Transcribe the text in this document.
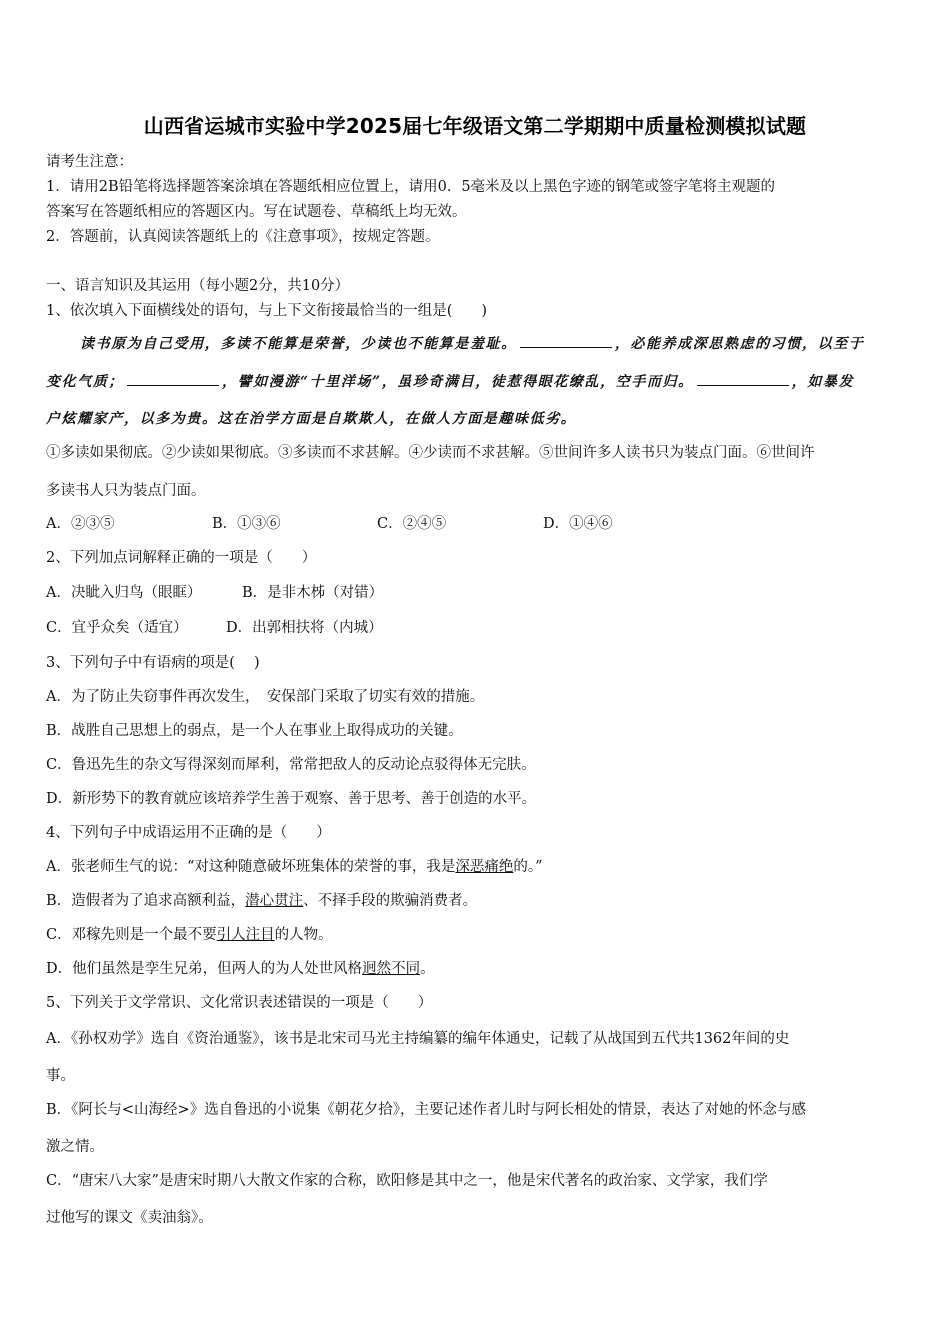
山西省运城市实验中学2025届七年级语文第二学期期中质量检测模拟试题
请考生注意：
1．请用2B铅笔将选择题答案涂填在答题纸相应位置上，请用0．5毫米及以上黑色字迹的钢笔或签字笔将主观题的
答案写在答题纸相应的答题区内。写在试题卷、草稿纸上均无效。
2．答题前，认真阅读答题纸上的《注意事项》，按规定答题。
一、语言知识及其运用（每小题2分，共10分）
1、依次填入下面横线处的语句，与上下文衔接最恰当的一组是(　　)
读书原为自己受用，多读不能算是荣誉，少读也不能算是羞耻。	，必能养成深思熟虑的习惯，以至于
变化气质；	，譬如漫游“十里洋场”，虽珍奇满目，徒惹得眼花缭乱，空手而归。	，如暴发
户炫耀家产，以多为贵。这在治学方面是自欺欺人，在做人方面是趣味低劣。
①多读如果彻底。②少读如果彻底。③多读而不求甚解。④少读而不求甚解。⑤世间许多人读书只为装点门面。⑥世间许
多读书人只为装点门面。
A．②③⑤	B．①③⑥	C．②④⑤	D．①④⑥
2、下列加点词解释正确的一项是（　　）
A．决眦入归鸟（眼眶）	B．是非木柹（对错）
C．宜乎众矣（适宜）	D．出郭相扶将（内城）
3、下列句子中有语病的项是(　 )
A．为了防止失窃事件再次发生，　安保部门采取了切实有效的措施。
B．战胜自己思想上的弱点，是一个人在事业上取得成功的关键。
C．鲁迅先生的杂文写得深刻而犀利，常常把敌人的反动论点驳得体无完肤。
D．新形势下的教育就应该培养学生善于观察、善于思考、善于创造的水平。
4、下列句子中成语运用不正确的是（　　）
A．张老师生气的说：“对这种随意破坏班集体的荣誉的事，我是深恶痛绝的。”
B．造假者为了追求高额利益，潜心贯注、不择手段的欺骗消费者。
C．邓稼先则是一个最不要引人注目的人物。
D．他们虽然是孪生兄弟，但两人的为人处世风格迥然不同。
5、下列关于文学常识、文化常识表述错误的一项是（　　）
A．《孙权劝学》选自《资治通鉴》，该书是北宋司马光主持编纂的编年体通史，记载了从战国到五代共1362年间的史
事。
B．《阿长与<山海经>》选自鲁迅的小说集《朝花夕拾》，主要记述作者儿时与阿长相处的情景，表达了对她的怀念与感
激之情。
C．“唐宋八大家”是唐宋时期八大散文作家的合称，欧阳修是其中之一，他是宋代著名的政治家、文学家，我们学
过他写的课文《卖油翁》。
